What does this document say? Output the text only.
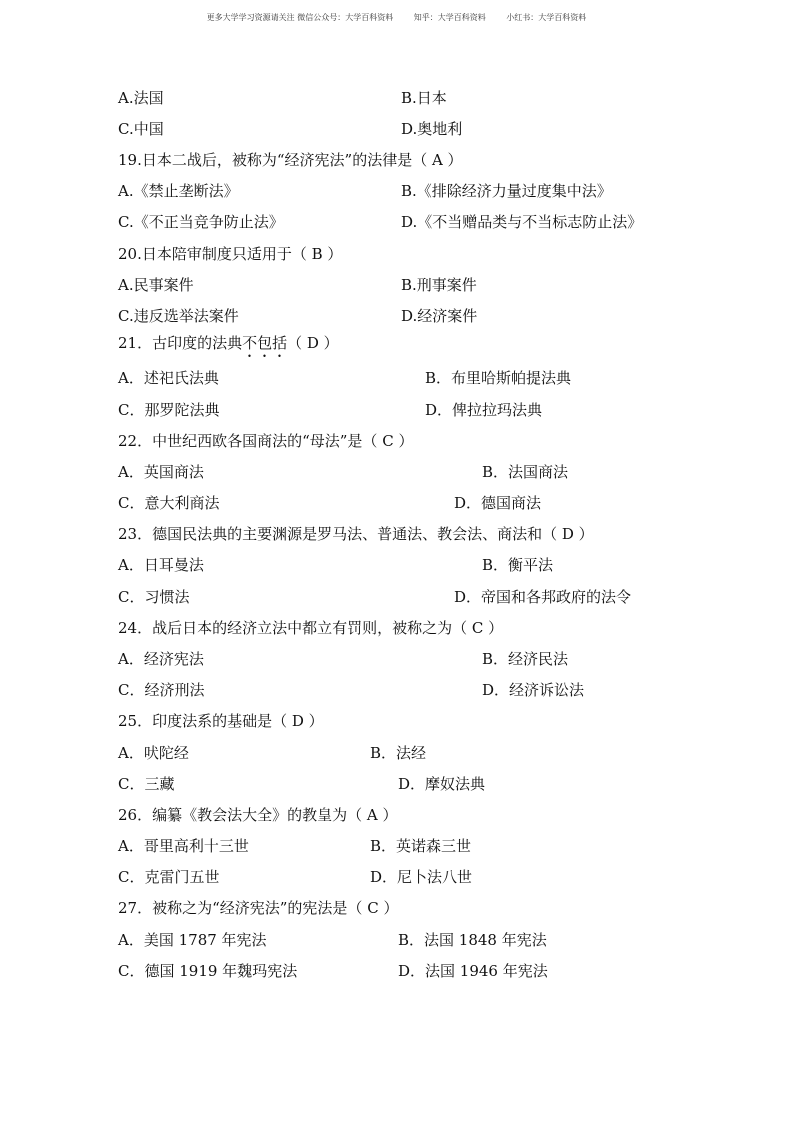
更多大学学习资源请关注 微信公众号：大学百科资料	知乎：大学百科资料	小红书：大学百科资料
A.法国	B.日本
C.中国	D.奥地利
19.日本二战后，被称为“经济宪法”的法律是（ A ）
A.《禁止垄断法》	B.《排除经济力量过度集中法》
C.《不正当竞争防止法》	D.《不当赠品类与不当标志防止法》
20.日本陪审制度只适用于（ B ）
A.民事案件	B.刑事案件
C.违反选举法案件	D.经济案件
21．古印度的法典不包括（ D ）
A．述祀氏法典	B．布里哈斯帕提法典
C．那罗陀法典	D．俾拉拉玛法典
22．中世纪西欧各国商法的“母法”是（ C ）
A．英国商法	B．法国商法
C．意大利商法	D．德国商法
23．德国民法典的主要渊源是罗马法、普通法、教会法、商法和（ D ）
A．日耳曼法	B．衡平法
C．习惯法	D．帝国和各邦政府的法令
24．战后日本的经济立法中都立有罚则，被称之为（ C ）
A．经济宪法	B．经济民法
C．经济刑法	D．经济诉讼法
25．印度法系的基础是（ D ）
A．吠陀经	B．法经
C．三藏	D．摩奴法典
26．编纂《教会法大全》的教皇为（ A ）
A．哥里高利十三世	B．英诺森三世
C．克雷门五世	D．尼卜法八世
27．被称之为“经济宪法”的宪法是（ C ）
A．美国 1787 年宪法	B．法国 1848 年宪法
C．德国 1919 年魏玛宪法	D．法国 1946 年宪法
